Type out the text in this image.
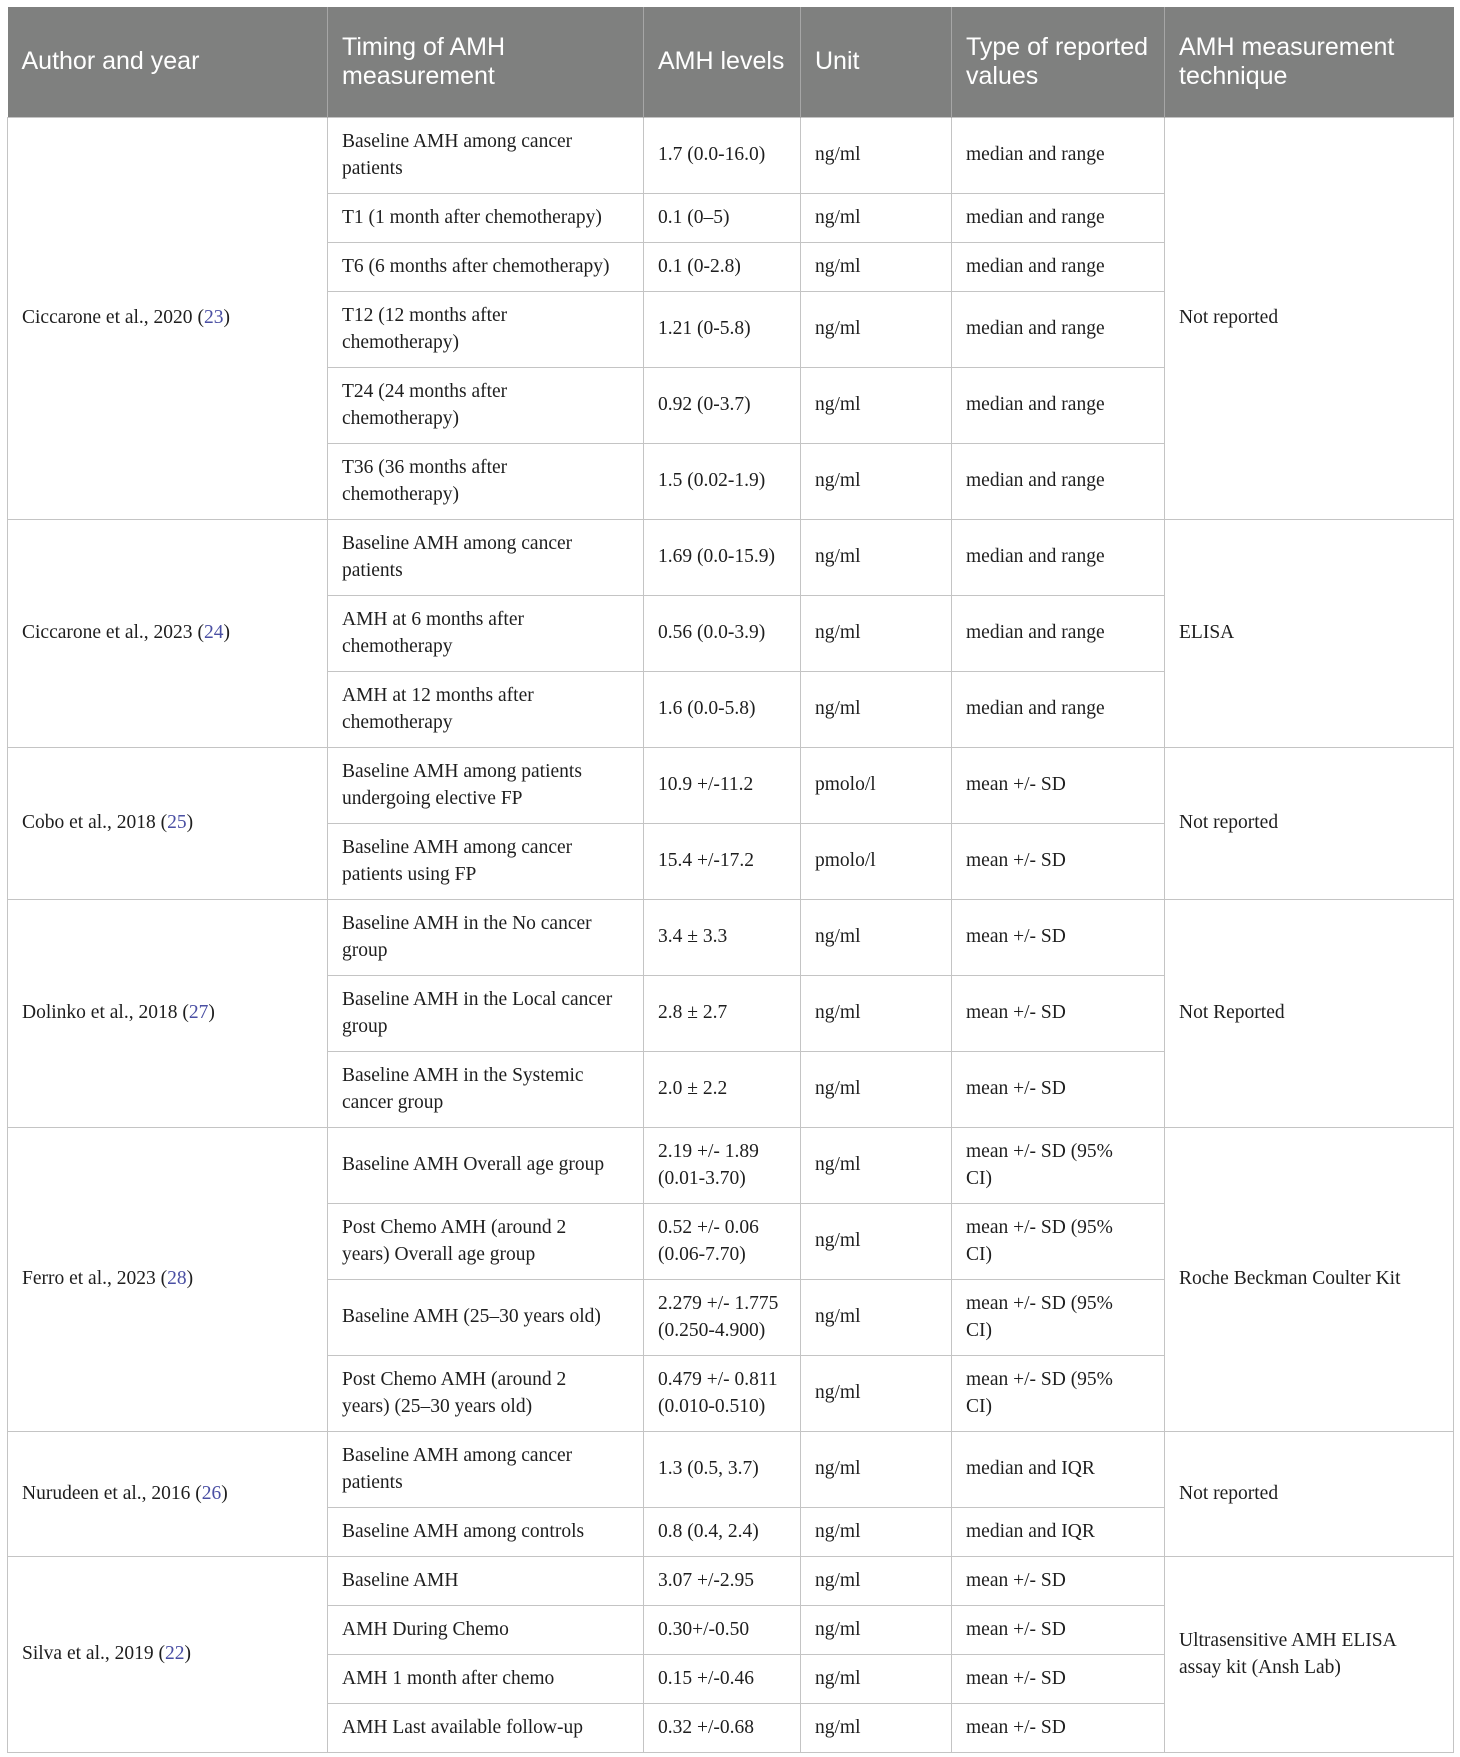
Author and year	Timing of AMH measurement	AMH levels	Unit	Type of reported values	AMH measurement technique
Ciccarone et al., 2020 (23)	Baseline AMH among cancer patients	1.7 (0.0-16.0)	ng/ml	median and range	Not reported
	T1 (1 month after chemotherapy)	0.1 (0–5)	ng/ml	median and range	
	T6 (6 months after chemotherapy)	0.1 (0-2.8)	ng/ml	median and range	
	T12 (12 months after
chemotherapy)	1.21 (0-5.8)	ng/ml	median and range	
	T24 (24 months after
chemotherapy)	0.92 (0-3.7)	ng/ml	median and range	
	T36 (36 months after
chemotherapy)	1.5 (0.02-1.9)	ng/ml	median and range	
Ciccarone et al., 2023 (24)	Baseline AMH among cancer patients	1.69 (0.0-15.9)	ng/ml	median and range	ELISA
	AMH at 6 months after
chemotherapy	0.56 (0.0-3.9)	ng/ml	median and range	
	AMH at 12 months after
chemotherapy	1.6 (0.0-5.8)	ng/ml	median and range	
Cobo et al., 2018 (25)	Baseline AMH among patients
undergoing elective FP	10.9 +/-11.2	pmolo/l	mean +/- SD	Not reported
	Baseline AMH among cancer
patients using FP	15.4 +/-17.2	pmolo/l	mean +/- SD	
Dolinko et al., 2018 (27)	Baseline AMH in the No cancer
group	3.4 ± 3.3	ng/ml	mean +/- SD	Not Reported
	Baseline AMH in the Local cancer
group	2.8 ± 2.7	ng/ml	mean +/- SD	
	Baseline AMH in the Systemic
cancer group	2.0 ± 2.2	ng/ml	mean +/- SD	
Ferro et al., 2023 (28)	Baseline AMH Overall age group	2.19 +/- 1.89
(0.01-3.70)	ng/ml	mean +/- SD (95%
CI)	Roche Beckman Coulter Kit
	Post Chemo AMH (around 2
years) Overall age group	0.52 +/- 0.06
(0.06-7.70)	ng/ml	mean +/- SD (95%
CI)	
	Baseline AMH (25–30 years old)	2.279 +/- 1.775
(0.250-4.900)	ng/ml	mean +/- SD (95%
CI)	
	Post Chemo AMH (around 2
years) (25–30 years old)	0.479 +/- 0.811
(0.010-0.510)	ng/ml	mean +/- SD (95%
CI)	
Nurudeen et al., 2016 (26)	Baseline AMH among cancer patients	1.3 (0.5, 3.7)	ng/ml	median and IQR	Not reported
	Baseline AMH among controls	0.8 (0.4, 2.4)	ng/ml	median and IQR	
Silva et al., 2019 (22)	Baseline AMH	3.07 +/-2.95	ng/ml	mean +/- SD	Ultrasensitive AMH ELISA
assay kit (Ansh Lab)
	AMH During Chemo	0.30+/-0.50	ng/ml	mean +/- SD	
	AMH 1 month after chemo	0.15 +/-0.46	ng/ml	mean +/- SD	
	AMH Last available follow-up	0.32 +/-0.68	ng/ml	mean +/- SD	
